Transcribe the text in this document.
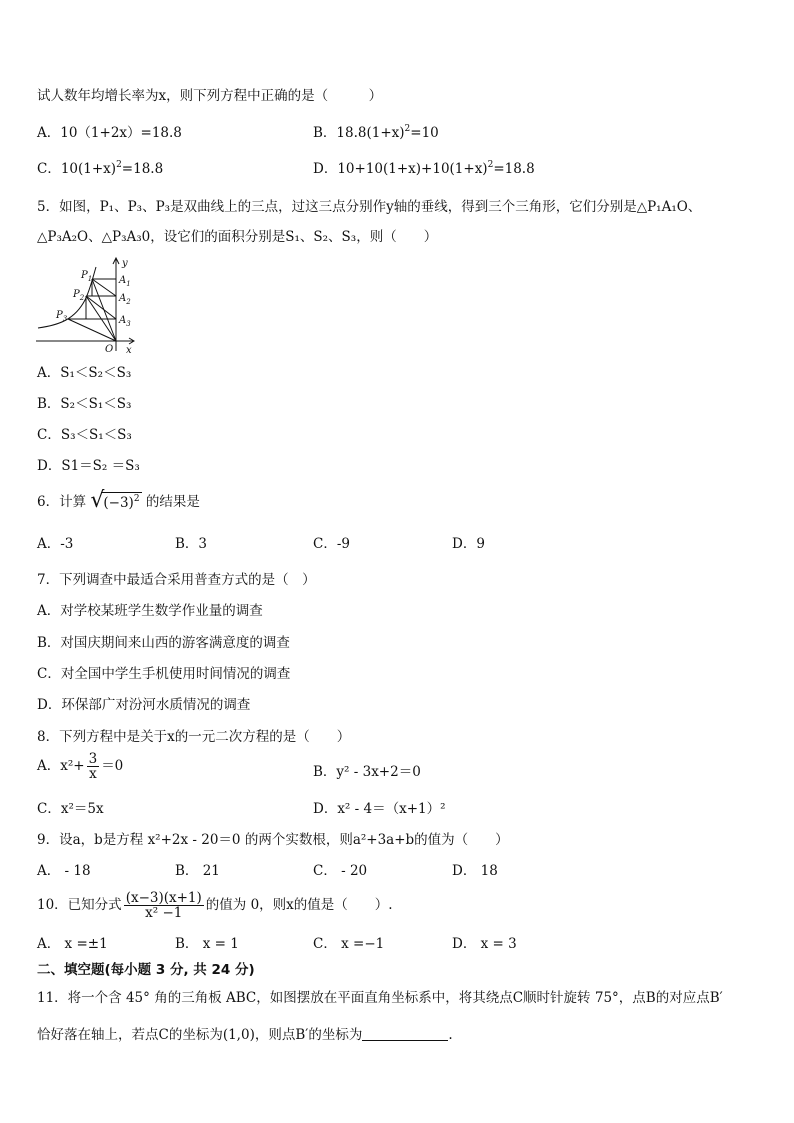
试人数年均增长率为x，则下列方程中正确的是（　　　）
A．10（1+2x）=18.8	B．$18.8(1+x)^2=10$
C．$10(1+x)^2=18.8$	D．$10+10(1+x)+10(1+x)^2=18.8$
5．如图，P₁、P₃、P₃是双曲线上的三点，过这三点分别作y轴的垂线，得到三个三角形，它们分别是△P₁A₁O、
△P₃A₂O、△P₃A₃0，设它们的面积分别是S₁、S₂、S₃，则（　　）
y
x
O
$P_1$
$P_2$
$P_3$
$A_1$
$A_2$
$A_3$
A．S₁＜S₂＜S₃
B．S₂＜S₁＜S₃
C．S₃＜S₁＜S₃
D．S1＝S₂ ＝S₃
6．计算 √
$(-3)^2$ 的结果是
A．-3	B．3	C．-9	D．9
7．下列调查中最适合采用普查方式的是（　）
A．对学校某班学生数学作业量的调查
B．对国庆期间来山西的游客满意度的调查
C．对全国中学生手机使用时间情况的调查
D．环保部广对汾河水质情况的调查
8．下列方程中是关于x的一元二次方程的是（　　）
A．$x^2+ \frac{3}{x} =0$	B．y² - 3x+2＝0
C．x²＝5x	D．x² - 4＝（x+1）²
9．设a，b是方程 x²+2x - 20＝0 的两个实数根，则a²+3a+b的值为（　　）
A． - 18	B． 21	C． - 20	D． 18
10．已知分式 $\frac{(x-3)(x+1)}{\text{x² −1}}$ 的值为 0，则x的值是（　　）.
A． x =±1	B． x = 1	C． x =−1	D． x = 3
二、填空题(每小题 3 分, 共 24 分)
11．将一个含 45° 角的三角板 ABC，如图摆放在平面直角坐标系中，将其绕点C顺时针旋转 75°，点B的对应点B′
恰好落在轴上，若点C的坐标为(1,0)，则点B′的坐标为	.
